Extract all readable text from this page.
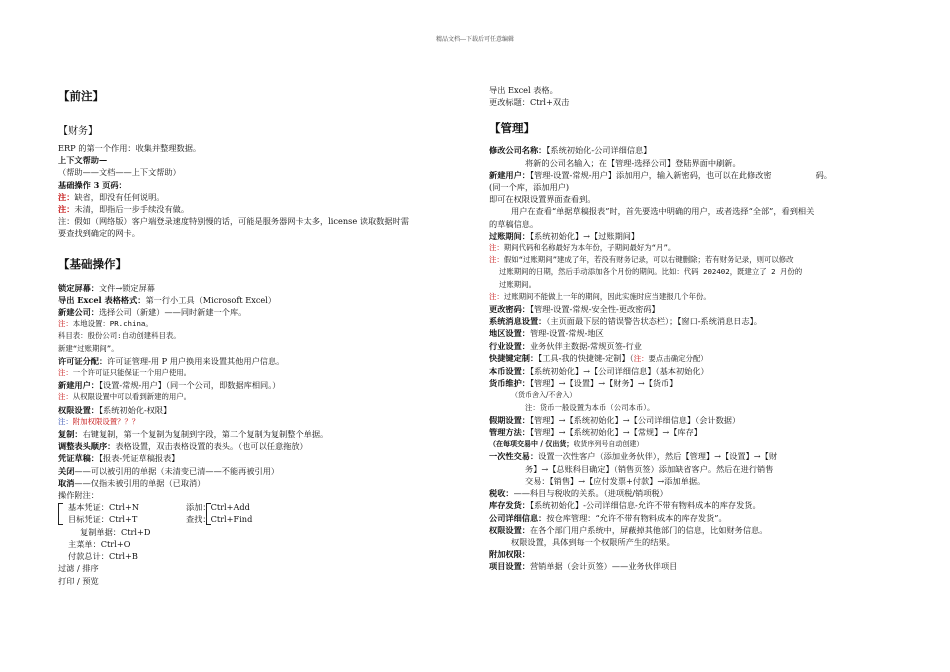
精品文档---下载后可任意编辑
【前注】
【财务】
ERP 的第一个作用：收集并整理数据。
上下文帮助—
（帮助——文档——上下文帮助）
基础操作 3 页码：
注：缺省，即没有任何说明。
注：未清，即指后一步手续没有做。
注：假如（网络版）客户端登录速度特别慢的话，可能是服务器网卡太多，license 读取数据时需
要查找到确定的网卡。
【基础操作】
锁定屏幕：文件→锁定屏幕
导出 Excel 表格格式：第一行小工具（Microsoft Excel）
新建公司：选择公司（新建）——同时新建一个库。
注：本地设置：PR.china。
科目表：殷份公司:自动创建科目表。
新建“过账期间”。
许可证分配：许可证管理-用 P 用户换用来设置其他用户信息。
注：一个许可证只能保证一个用户使用。
新建用户：【设置-常规-用户】（同一个公司，即数据库相同。）
注：从权限设置中可以看到新建的用户。
权限设置：【系统初始化-权限】
注：附加权限设置？？？
复制：右键复制，第一个复制为复制到字段，第二个复制为复制整个单据。
调整表头顺序：表格设置，双击表格设置的表头。（也可以任意拖放）
凭证草稿：【报表-凭证草稿报表】
关闭——可以被引用的单据（未清变已清——不能再被引用）
取消——仅指未被引用的单据（已取消）
操作附注：
基本凭证：Ctrl+N	添加：Ctrl+Add
目标凭证：Ctrl+T	查找：Ctrl+Find
复制单据：Ctrl+D
主菜单：Ctrl+O
付款总计：Ctrl+B
过滤 / 排序
打印 / 预览
导出 Excel 表格。
更改标题：Ctrl+双击
【管理】
修改公司名称：【系统初始化-公司详细信息】
将新的公司名输入；在【管理-选择公司】登陆界面中刷新。
新建用户：【管理-设置-常规-用户】添加用户，输入新密码，也可以在此修改密	码。
(同一个库，添加用户)
即可在权限设置界面查看到。
用户在查看“单据草稿报表”时，首先要选中明确的用户，或者选择“全部”，看到相关
的草稿信息。
过账期间：【系统初始化】→【过账期间】
注：期间代码和名称最好为本年份，子期间最好为“月”。
注：假如“过账期间”建成了年，若没有财务记录，可以右键删除；若有财务记录，则可以修改
过账期间的日期，然后手动添加各个月份的期间。比如：代码 202402，既建立了 2 月份的
过账期间。
注：过账期间不能做上一年的期间，因此实施时应当建报几个年份。
更改密码：【管理-设置-常规-安全性-更改密码】
系统消息设置：（主页面最下层的错误警告状态栏）；【窗口-系统消息日志】。
地区设置：管理-设置-常规-地区
行业设置：业务伙伴主数据-常规页签-行业
快捷键定制：【工具-我的快捷键-定制】（注：要点击确定分配）
本币设置：【系统初始化】→【公司详细信息】（基本初始化）
货币维护：【管理】→【设置】→【财务】→【货币】
（货币舍入/不舍入）
注：货币一般设置为本币（公司本币）。
假期设置：【管理】→【系统初始化】→【公司详细信息】（会计数据）
管理方法：【管理】→【系统初始化】→【常规】→【库存】
（在每项交易中 / 仅出货；收货序列号自动创建）
一次性交易：设置一次性客户（添加业务伙伴），然后【管理】→【设置】→【财
务】→【总账科目确定】（销售页签）添加缺省客户。然后在进行销售
交易：【销售】→【应付发票+付款】→添加单据。
税收：——科目与税收的关系。（进项税/销项税）
库存发货：【系统初始化】-公司详细信息-允许不带有物料成本的库存发货。
公司详细信息：按仓库管理：“允许不带有物料成本的库存发货”。
权限设置：在各个部门用户系统中，屏蔽掉其他部门的信息，比如财务信息。
权限设置，具体到每一个权限所产生的结果。
附加权限：
项目设置：营销单据（会计页签）——业务伙伴项目
